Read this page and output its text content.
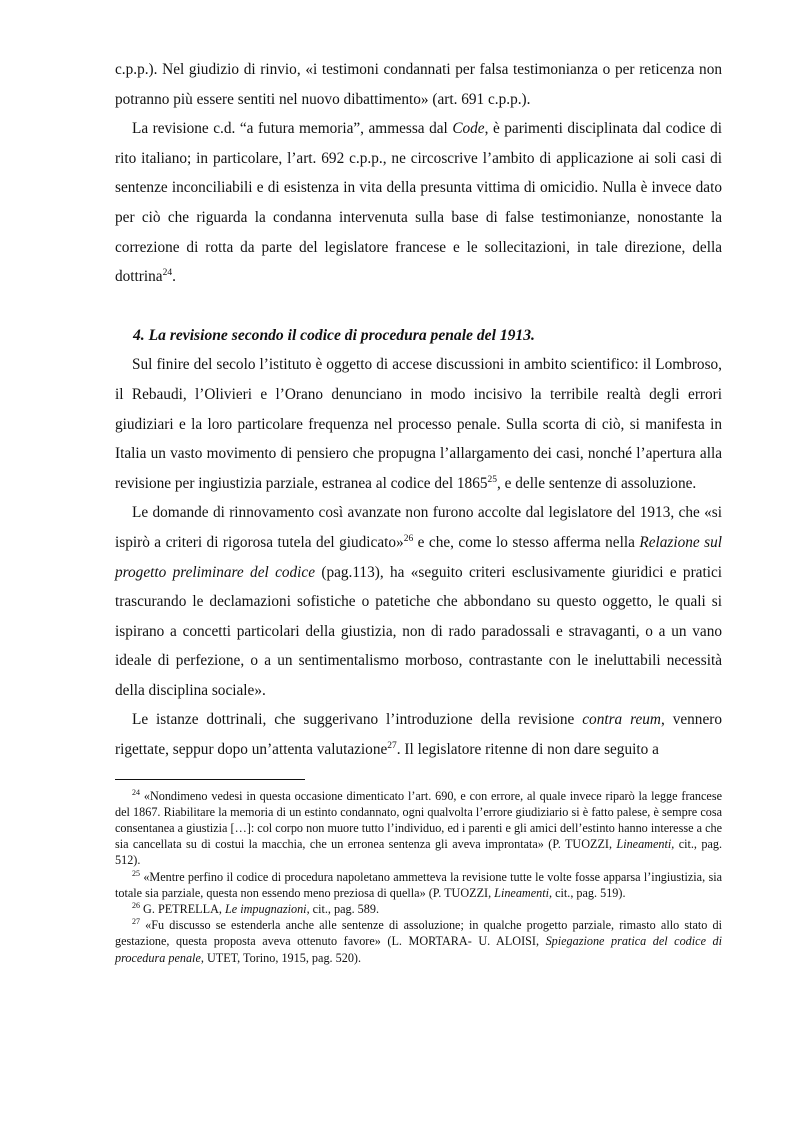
c.p.p.). Nel giudizio di rinvio, «i testimoni condannati per falsa testimonianza o per reticenza non potranno più essere sentiti nel nuovo dibattimento» (art. 691 c.p.p.).

La revisione c.d. “a futura memoria”, ammessa dal Code, è parimenti disciplinata dal codice di rito italiano; in particolare, l’art. 692 c.p.p., ne circoscrive l’ambito di applicazione ai soli casi di sentenze inconciliabili e di esistenza in vita della presunta vittima di omicidio. Nulla è invece dato per ciò che riguarda la condanna intervenuta sulla base di false testimonianze, nonostante la correzione di rotta da parte del legislatore francese e le sollecitazioni, in tale direzione, della dottrina$^{24}$.

4. La revisione secondo il codice di procedura penale del 1913.

Sul finire del secolo l’istituto è oggetto di accese discussioni in ambito scientifico: il Lombroso, il Rebaudi, l’Olivieri e l’Orano denunciano in modo incisivo la terribile realtà degli errori giudiziari e la loro particolare frequenza nel processo penale. Sulla scorta di ciò, si manifesta in Italia un vasto movimento di pensiero che propugna l’allargamento dei casi, nonché l’apertura alla revisione per ingiustizia parziale, estranea al codice del 1865$^{25}$, e delle sentenze di assoluzione.

Le domande di rinnovamento così avanzate non furono accolte dal legislatore del 1913, che «si ispirò a criteri di rigorosa tutela del giudicato»$^{26}$ e che, come lo stesso afferma nella Relazione sul progetto preliminare del codice (pag.113), ha «seguito criteri esclusivamente giuridici e pratici trascurando le declamazioni sofistiche o patetiche che abbondano su questo oggetto, le quali si ispirano a concetti particolari della giustizia, non di rado paradossali e stravaganti, o a un vano ideale di perfezione, o a un sentimentalismo morboso, contrastante con le ineluttabili necessità della disciplina sociale».

Le istanze dottrinali, che suggerivano l’introduzione della revisione contra reum, vennero rigettate, seppur dopo un’attenta valutazione$^{27}$. Il legislatore ritenne di non dare seguito a

$^{24}$ «Nondimeno vedesi in questa occasione dimenticato l’art. 690, e con errore, al quale invece riparò la legge francese del 1867. Riabilitare la memoria di un estinto condannato, ogni qualvolta l’errore giudiziario si è fatto palese, è sempre cosa consentanea a giustizia […]: col corpo non muore tutto l’individuo, ed i parenti e gli amici dell’estinto hanno interesse a che sia cancellata su di costui la macchia, che un erronea sentenza gli aveva improntata» (P. TUOZZI, Lineamenti, cit., pag. 512).

$^{25}$ «Mentre perfino il codice di procedura napoletano ammetteva la revisione tutte le volte fosse apparsa l’ingiustizia, sia totale sia parziale, questa non essendo meno preziosa di quella» (P. TUOZZI, Lineamenti, cit., pag. 519).

$^{26}$ G. PETRELLA, Le impugnazioni, cit., pag. 589.

$^{27}$ «Fu discusso se estenderla anche alle sentenze di assoluzione; in qualche progetto parziale, rimasto allo stato di gestazione, questa proposta aveva ottenuto favore» (L. MORTARA- U. ALOISI, Spiegazione pratica del codice di procedura penale, UTET, Torino, 1915, pag. 520).
